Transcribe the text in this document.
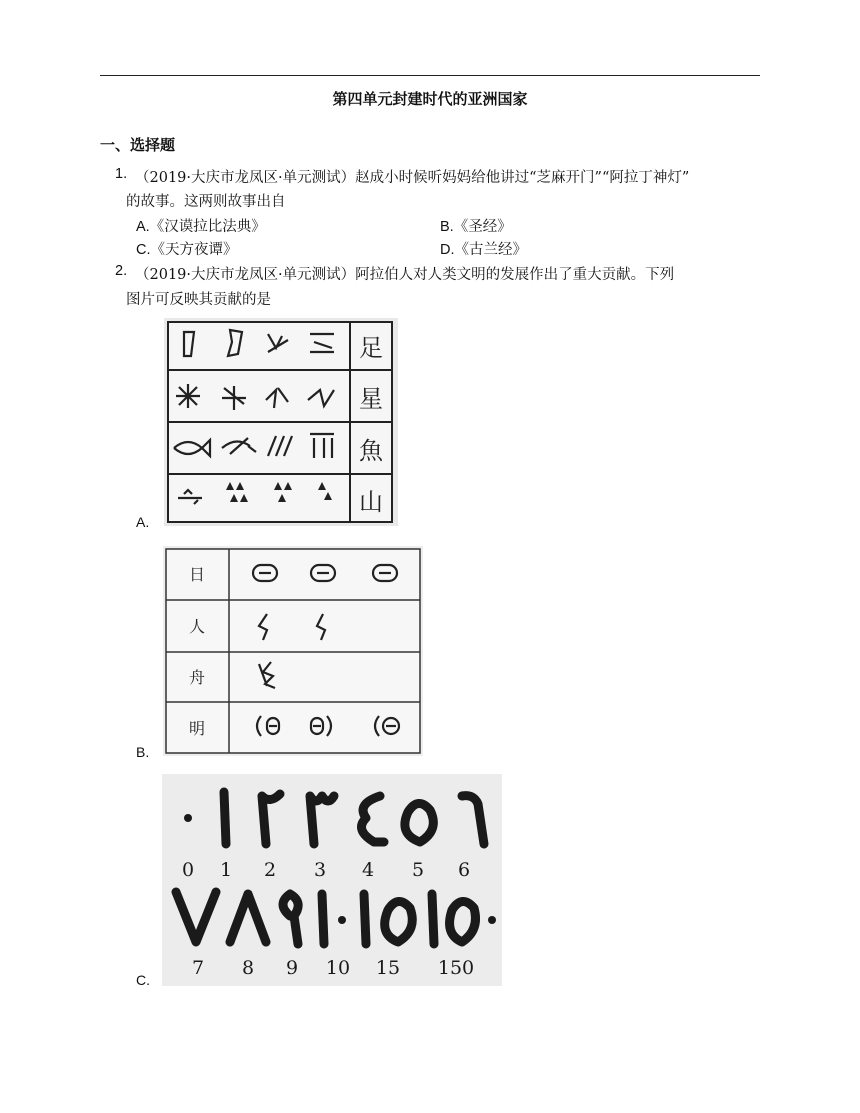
第四单元封建时代的亚洲国家
一、选择题
1. （2019·大庆市龙凤区·单元测试）赵成小时候听妈妈给他讲过“芝麻开门”“阿拉丁神灯”
的故事。这两则故事出自
A.《汉谟拉比法典》	B.《圣经》
C.《天方夜谭》	D.《古兰经》
2. （2019·大庆市龙凤区·单元测试）阿拉伯人对人类文明的发展作出了重大贡献。下列
图片可反映其贡献的是
足
星
魚
山
A.
日
人
舟
明
B.
0 1 2 3 4 5 6
7 8 9 10 15 150
C.
